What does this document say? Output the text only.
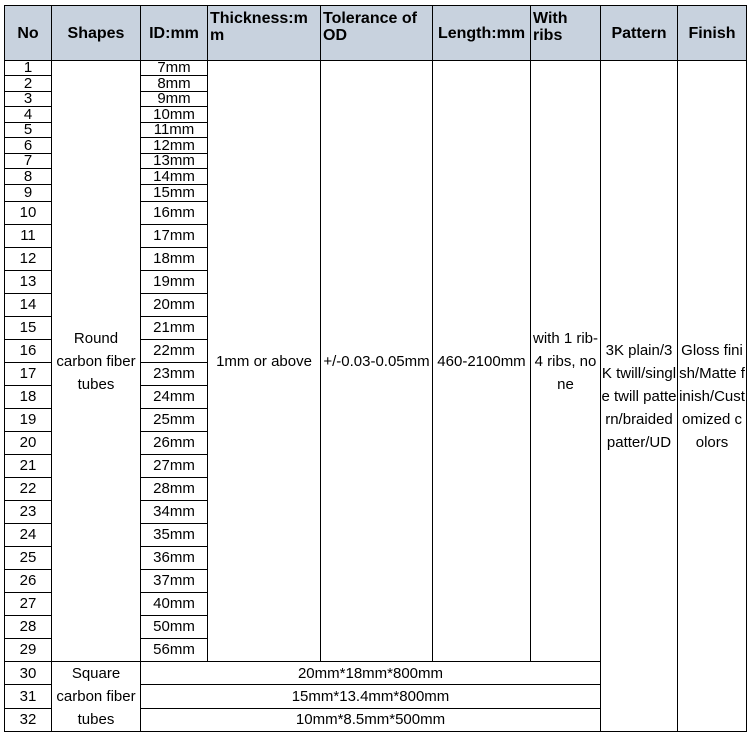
No	Shapes	ID:mm	Thickness:mm	Tolerance of OD	Length:mm	With ribs	Pattern	Finish
1	Round carbon fiber tubes	7mm	1mm or above	+/-0.03-0.05mm	460-2100mm	with 1 rib-4 ribs, none	3K plain/3K twill/single twill pattern/braided patter/UD	Gloss finish/Matte finish/Customized colors
2		8mm						
3		9mm						
4		10mm						
5		11mm						
6		12mm						
7		13mm						
8		14mm						
9		15mm						
10		16mm						
11		17mm						
12		18mm						
13		19mm						
14		20mm						
15		21mm						
16		22mm						
17		23mm						
18		24mm						
19		25mm						
20		26mm						
21		27mm						
22		28mm						
23		34mm						
24		35mm						
25		36mm						
26		37mm						
27		40mm						
28		50mm						
29		56mm						
30	Square carbon fiber tubes	20mm*18mm*800mm						
31		15mm*13.4mm*800mm						
32		10mm*8.5mm*500mm						
